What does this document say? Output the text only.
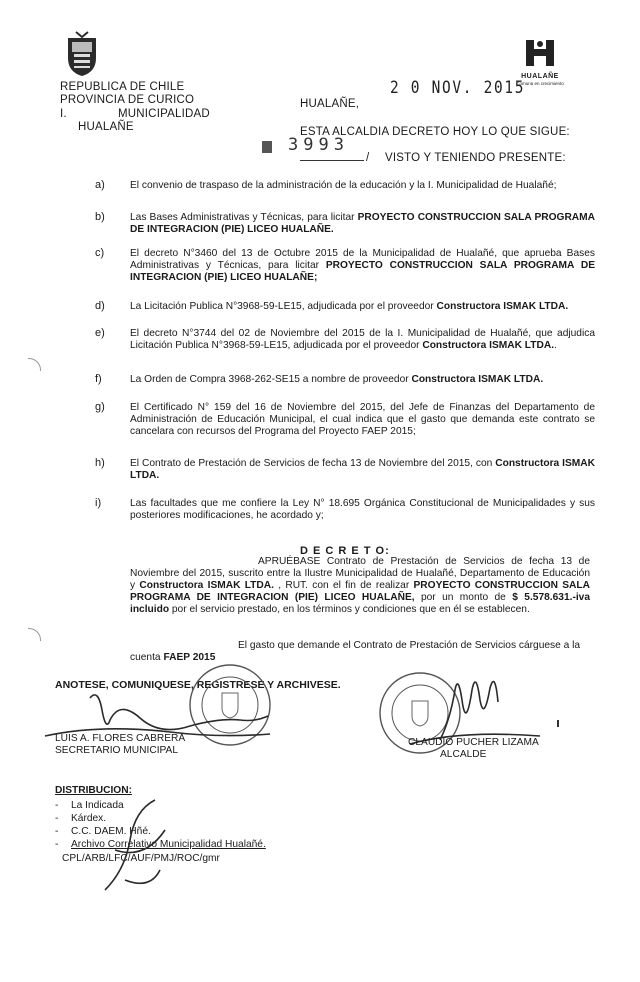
HUALAÑE
Comuna en crecimiento
REPUBLICA DE CHILE
PROVINCIA DE CURICO
I.	MUNICIPALIDAD
HUALAÑE
HUALAÑE,
2 0 NOV. 2015
ESTA ALCALDIA DECRETO HOY LO QUE SIGUE:
3993
/ VISTO Y TENIENDO PRESENTE:
a) El convenio de traspaso de la administración de la educación y la I. Municipalidad de Hualañé;
b) Las Bases Administrativas y Técnicas, para licitar PROYECTO CONSTRUCCION SALA PROGRAMA DE INTEGRACION (PIE) LICEO HUALAÑE.
c)	El decreto N°3460 del 13 de Octubre 2015 de la Municipalidad de Hualañé, que aprueba Bases Administrativas y Técnicas, para licitar PROYECTO CONSTRUCCION SALA PROGRAMA DE INTEGRACION (PIE) LICEO HUALAÑE;
d) La Licitación Publica N°3968-59-LE15, adjudicada por el proveedor Constructora ISMAK LTDA.
e) El decreto N°3744 del 02 de Noviembre del 2015 de la I. Municipalidad de Hualañé, que adjudica Licitación Publica N°3968-59-LE15, adjudicada por el proveedor Constructora ISMAK LTDA..
f)	La Orden de Compra 3968-262-SE15 a nombre de proveedor Constructora ISMAK LTDA.
g) El Certificado N° 159 del 16 de Noviembre del 2015, del Jefe de Finanzas del Departamento de Administración de Educación Municipal, el cual indica que el gasto que demanda este contrato se cancelara con recursos del Programa del Proyecto FAEP 2015;
h) El Contrato de Prestación de Servicios de fecha 13 de Noviembre del 2015, con Constructora ISMAK LTDA.
i)	Las facultades que me confiere la Ley N° 18.695 Orgánica Constitucional de Municipalidades y sus posteriores modificaciones, he acordado y;
D E C R E T O:
APRUÉBASE Contrato de Prestación de Servicios de fecha 13 de Noviembre del 2015, suscrito entre la Ilustre Municipalidad de Hualañé, Departamento de Educación y Constructora ISMAK LTDA. , RUT. con el fin de realizar PROYECTO CONSTRUCCION SALA PROGRAMA DE INTEGRACION (PIE) LICEO HUALAÑE, por un monto de $ 5.578.631.-iva incluido por el servicio prestado, en los términos y condiciones que en él se establecen.
El gasto que demande el Contrato de Prestación de Servicios cárguese a la
cuenta FAEP 2015
ANOTESE, COMUNIQUESE, REGISTRESE Y ARCHIVESE.
LUIS A. FLORES CABRERA
SECRETARIO MUNICIPAL
CLAUDIO PUCHER LIZAMA
ALCALDE
DISTRIBUCION:
- La Indicada
- Kárdex.
- C.C. DAEM. Hñé.
- Archivo Correlativo Municipalidad Hualañé.
CPL/ARB/LFC/AUF/PMJ/ROC/gmr
